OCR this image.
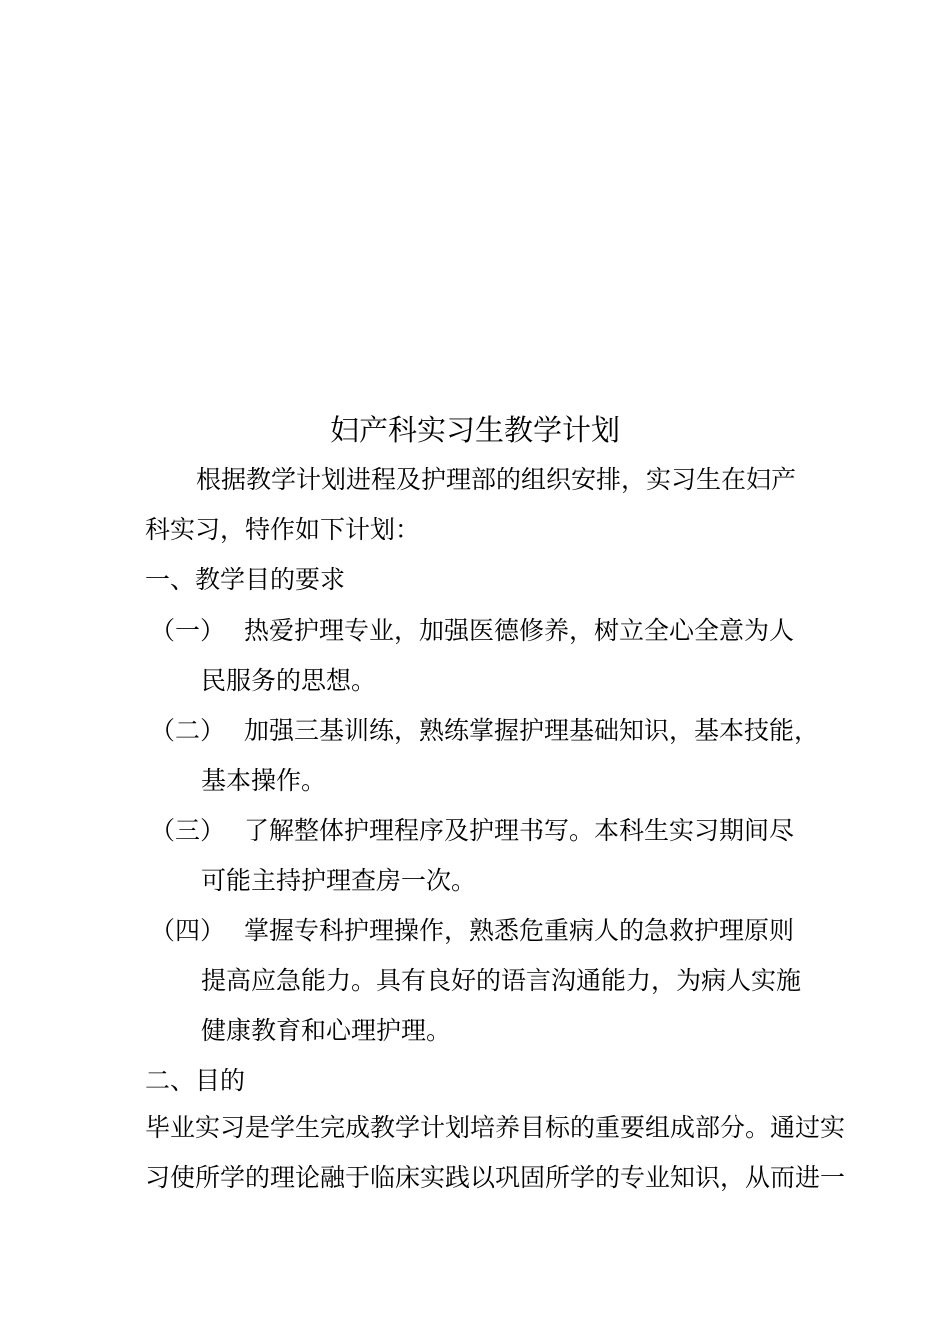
妇产科实习生教学计划
根据教学计划进程及护理部的组织安排，实习生在妇产
科实习，特作如下计划：
一、教学目的要求
（一） 热爱护理专业，加强医德修养，树立全心全意为人
民服务的思想。
（二） 加强三基训练，熟练掌握护理基础知识，基本技能，
基本操作。
（三） 了解整体护理程序及护理书写。本科生实习期间尽
可能主持护理查房一次。
（四） 掌握专科护理操作，熟悉危重病人的急救护理原则
提高应急能力。具有良好的语言沟通能力，为病人实施
健康教育和心理护理。
二、目的
毕业实习是学生完成教学计划培养目标的重要组成部分。通过实
习使所学的理论融于临床实践以巩固所学的专业知识，从而进一
